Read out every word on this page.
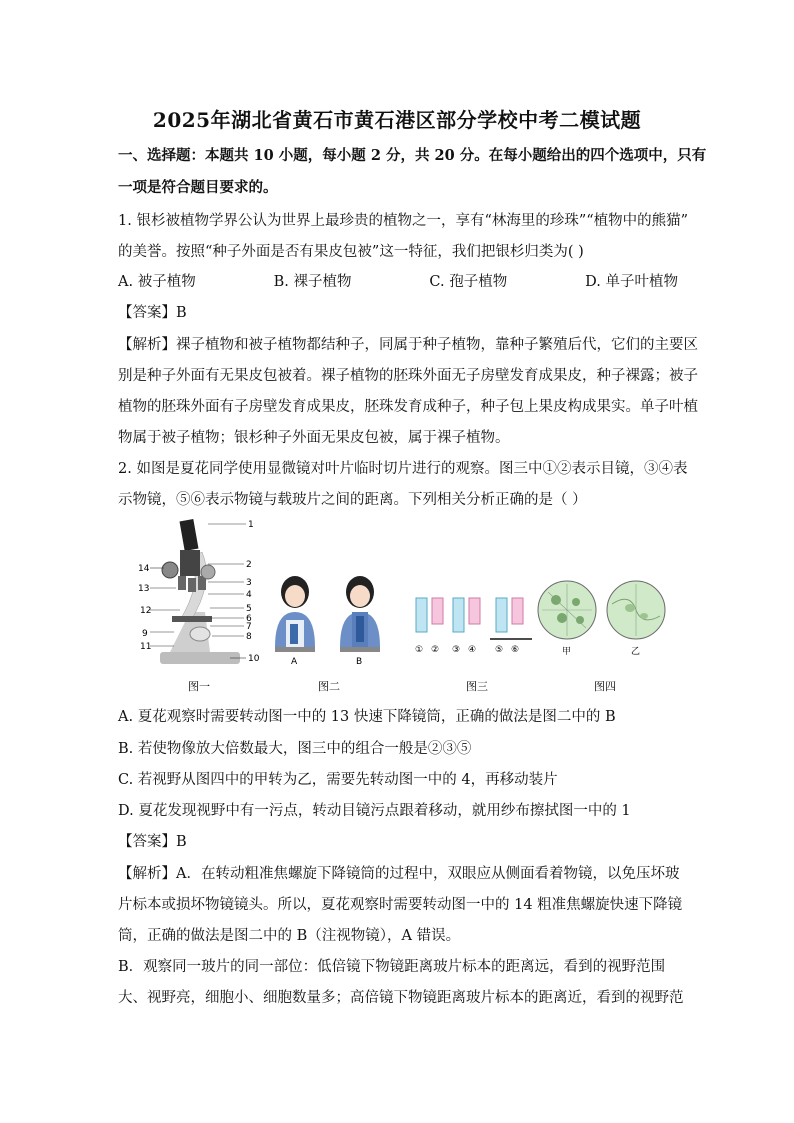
2025年湖北省黄石市黄石港区部分学校中考二模试题
一、选择题：本题共 10 小题，每小题 2 分，共 20 分。在每小题给出的四个选项中，只有
一项是符合题目要求的。
1. 银杉被植物学界公认为世界上最珍贵的植物之一，享有“林海里的珍珠”“植物中的熊猫”
的美誉。按照“种子外面是否有果皮包被”这一特征，我们把银杉归类为( )
A. 被子植物	B. 裸子植物	C. 孢子植物	D. 单子叶植物
【答案】B
【解析】裸子植物和被子植物都结种子，同属于种子植物，靠种子繁殖后代，它们的主要区
别是种子外面有无果皮包被着。裸子植物的胚珠外面无子房壁发育成果皮，种子裸露；被子
植物的胚珠外面有子房壁发育成果皮，胚珠发育成种子，种子包上果皮构成果实。单子叶植
物属于被子植物；银杉种子外面无果皮包被，属于裸子植物。
2. 如图是夏花同学使用显微镜对叶片临时切片进行的观察。图三中①②表示目镜，③④表
示物镜，⑤⑥表示物镜与载玻片之间的距离。下列相关分析正确的是（ ）
1
2
3
4
5
6
7
8
9
10
11
12
13
14
图一
A	B
图二
① ② ③ ④ ⑤ ⑥
图三
甲	乙
图四
A. 夏花观察时需要转动图一中的 13 快速下降镜筒，正确的做法是图二中的 B
B. 若使物像放大倍数最大，图三中的组合一般是②③⑤
C. 若视野从图四中的甲转为乙，需要先转动图一中的 4，再移动装片
D. 夏花发现视野中有一污点，转动目镜污点跟着移动，就用纱布擦拭图一中的 1
【答案】B
【解析】A．在转动粗准焦螺旋下降镜筒的过程中，双眼应从侧面看着物镜，以免压坏玻
片标本或损坏物镜镜头。所以，夏花观察时需要转动图一中的 14 粗准焦螺旋快速下降镜
筒，正确的做法是图二中的 B（注视物镜），A 错误。
B．观察同一玻片的同一部位：低倍镜下物镜距离玻片标本的距离远，看到的视野范围
大、视野亮，细胞小、细胞数量多；高倍镜下物镜距离玻片标本的距离近，看到的视野范
